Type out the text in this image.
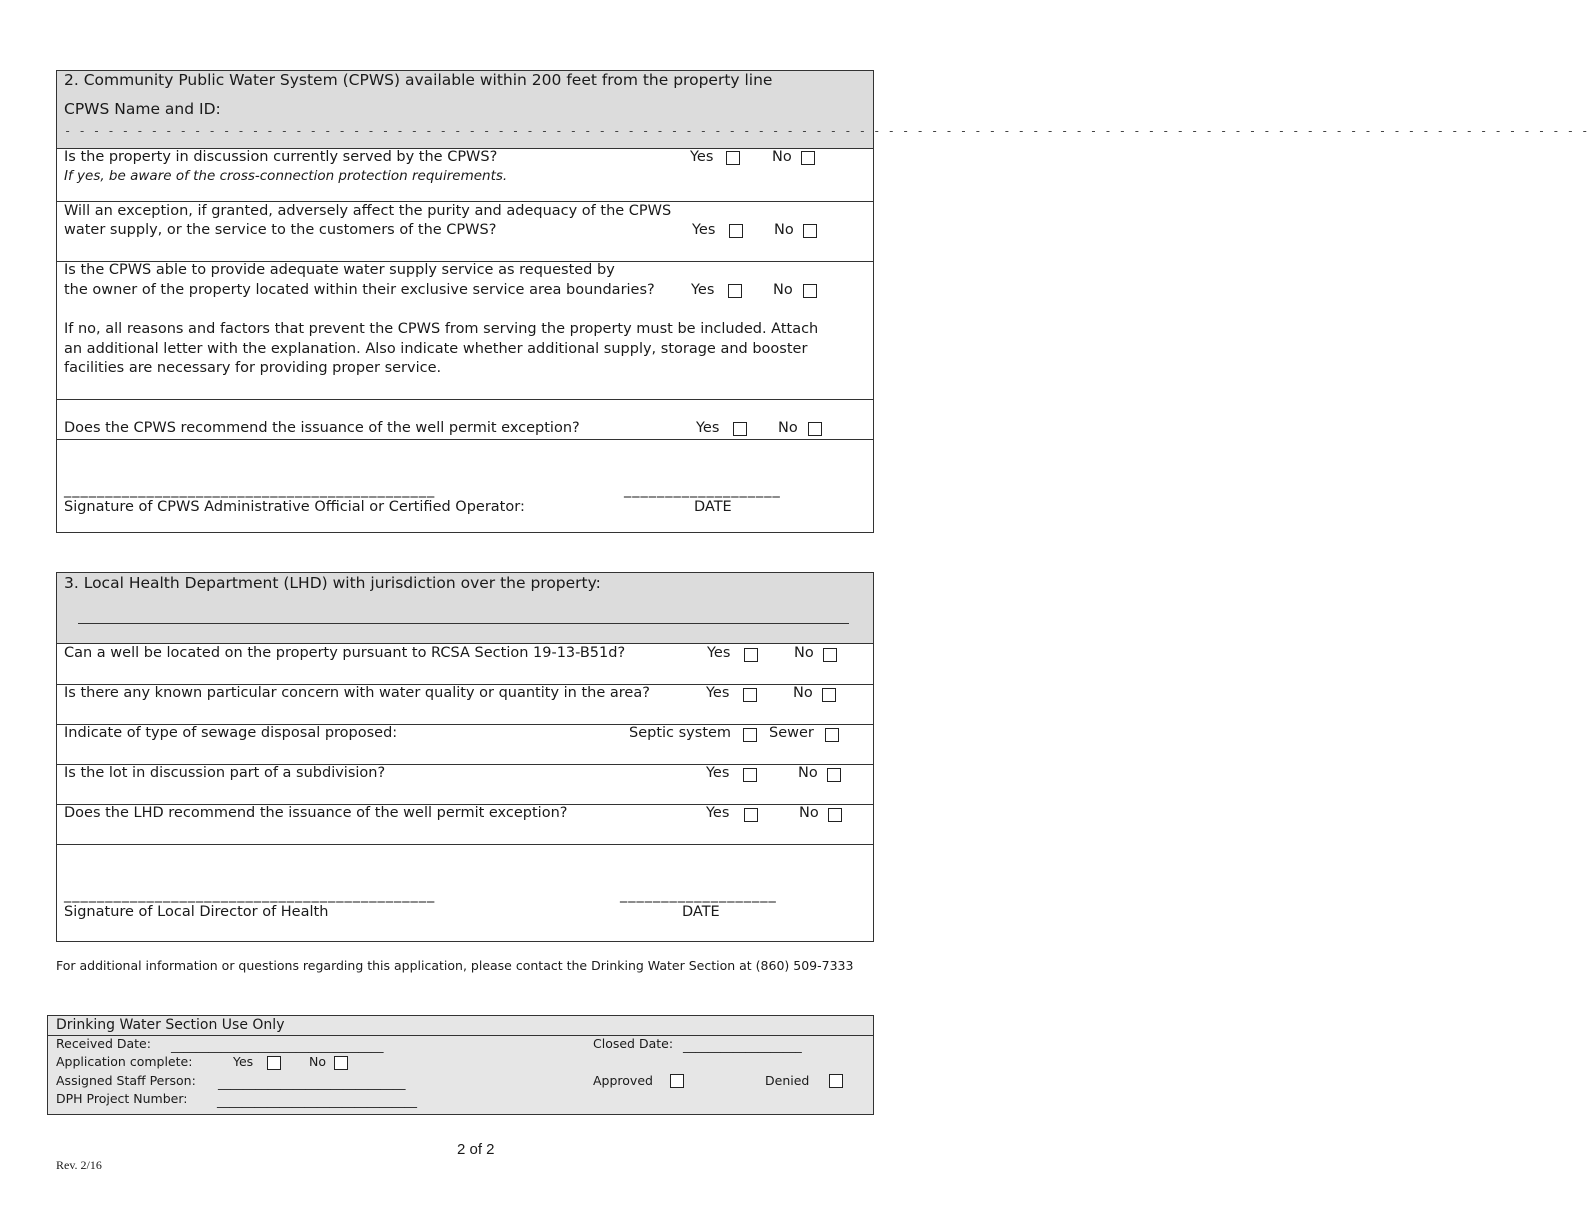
2. Community Public Water System (CPWS) available within 200 feet from the property line
CPWS Name and ID:
- - - - - - - - - - - - - - - - - - - - - - - - - - - - - - - - - - - - - - - - - - - - - - - - - - - - - - - - - - - - - - - - - - - - - - - - - - - - - - - - - - - - - - - - - - - - - - - - - - - - - - - - - -
Is the property in discussion currently served by the CPWS?
If yes, be aware of the cross-connection protection requirements.
Yes	No
Will an exception, if granted, adversely affect the purity and adequacy of the CPWS
water supply, or the service to the customers of the CPWS?	Yes	No
Is the CPWS able to provide adequate water supply service as requested by
the owner of the property located within their exclusive service area boundaries?	Yes	No
If no, all reasons and factors that prevent the CPWS from serving the property must be included. Attach
an additional letter with the explanation. Also indicate whether additional supply, storage and booster
facilities are necessary for providing proper service.
Does the CPWS recommend the issuance of the well permit exception?	Yes	No
_____________________________________________	___________________
Signature of CPWS Administrative Official or Certified Operator:	DATE
3. Local Health Department (LHD) with jurisdiction over the property:
Can a well be located on the property pursuant to RCSA Section 19-13-B51d?	Yes	No
Is there any known particular concern with water quality or quantity in the area?	Yes	No
Indicate of type of sewage disposal proposed:	Septic system	Sewer
Is the lot in discussion part of a subdivision?	Yes	No
Does the LHD recommend the issuance of the well permit exception?	Yes	No
_____________________________________________	___________________
Signature of Local Director of Health	DATE
For additional information or questions regarding this application, please contact the Drinking Water Section at (860) 509-7333
Drinking Water Section Use Only
Received Date: __________________________________
Application complete:	Yes	No
Assigned Staff Person: ______________________________
DPH Project Number: ________________________________
Closed Date: ___________________
Approved	Denied
2 of 2
Rev. 2/16
